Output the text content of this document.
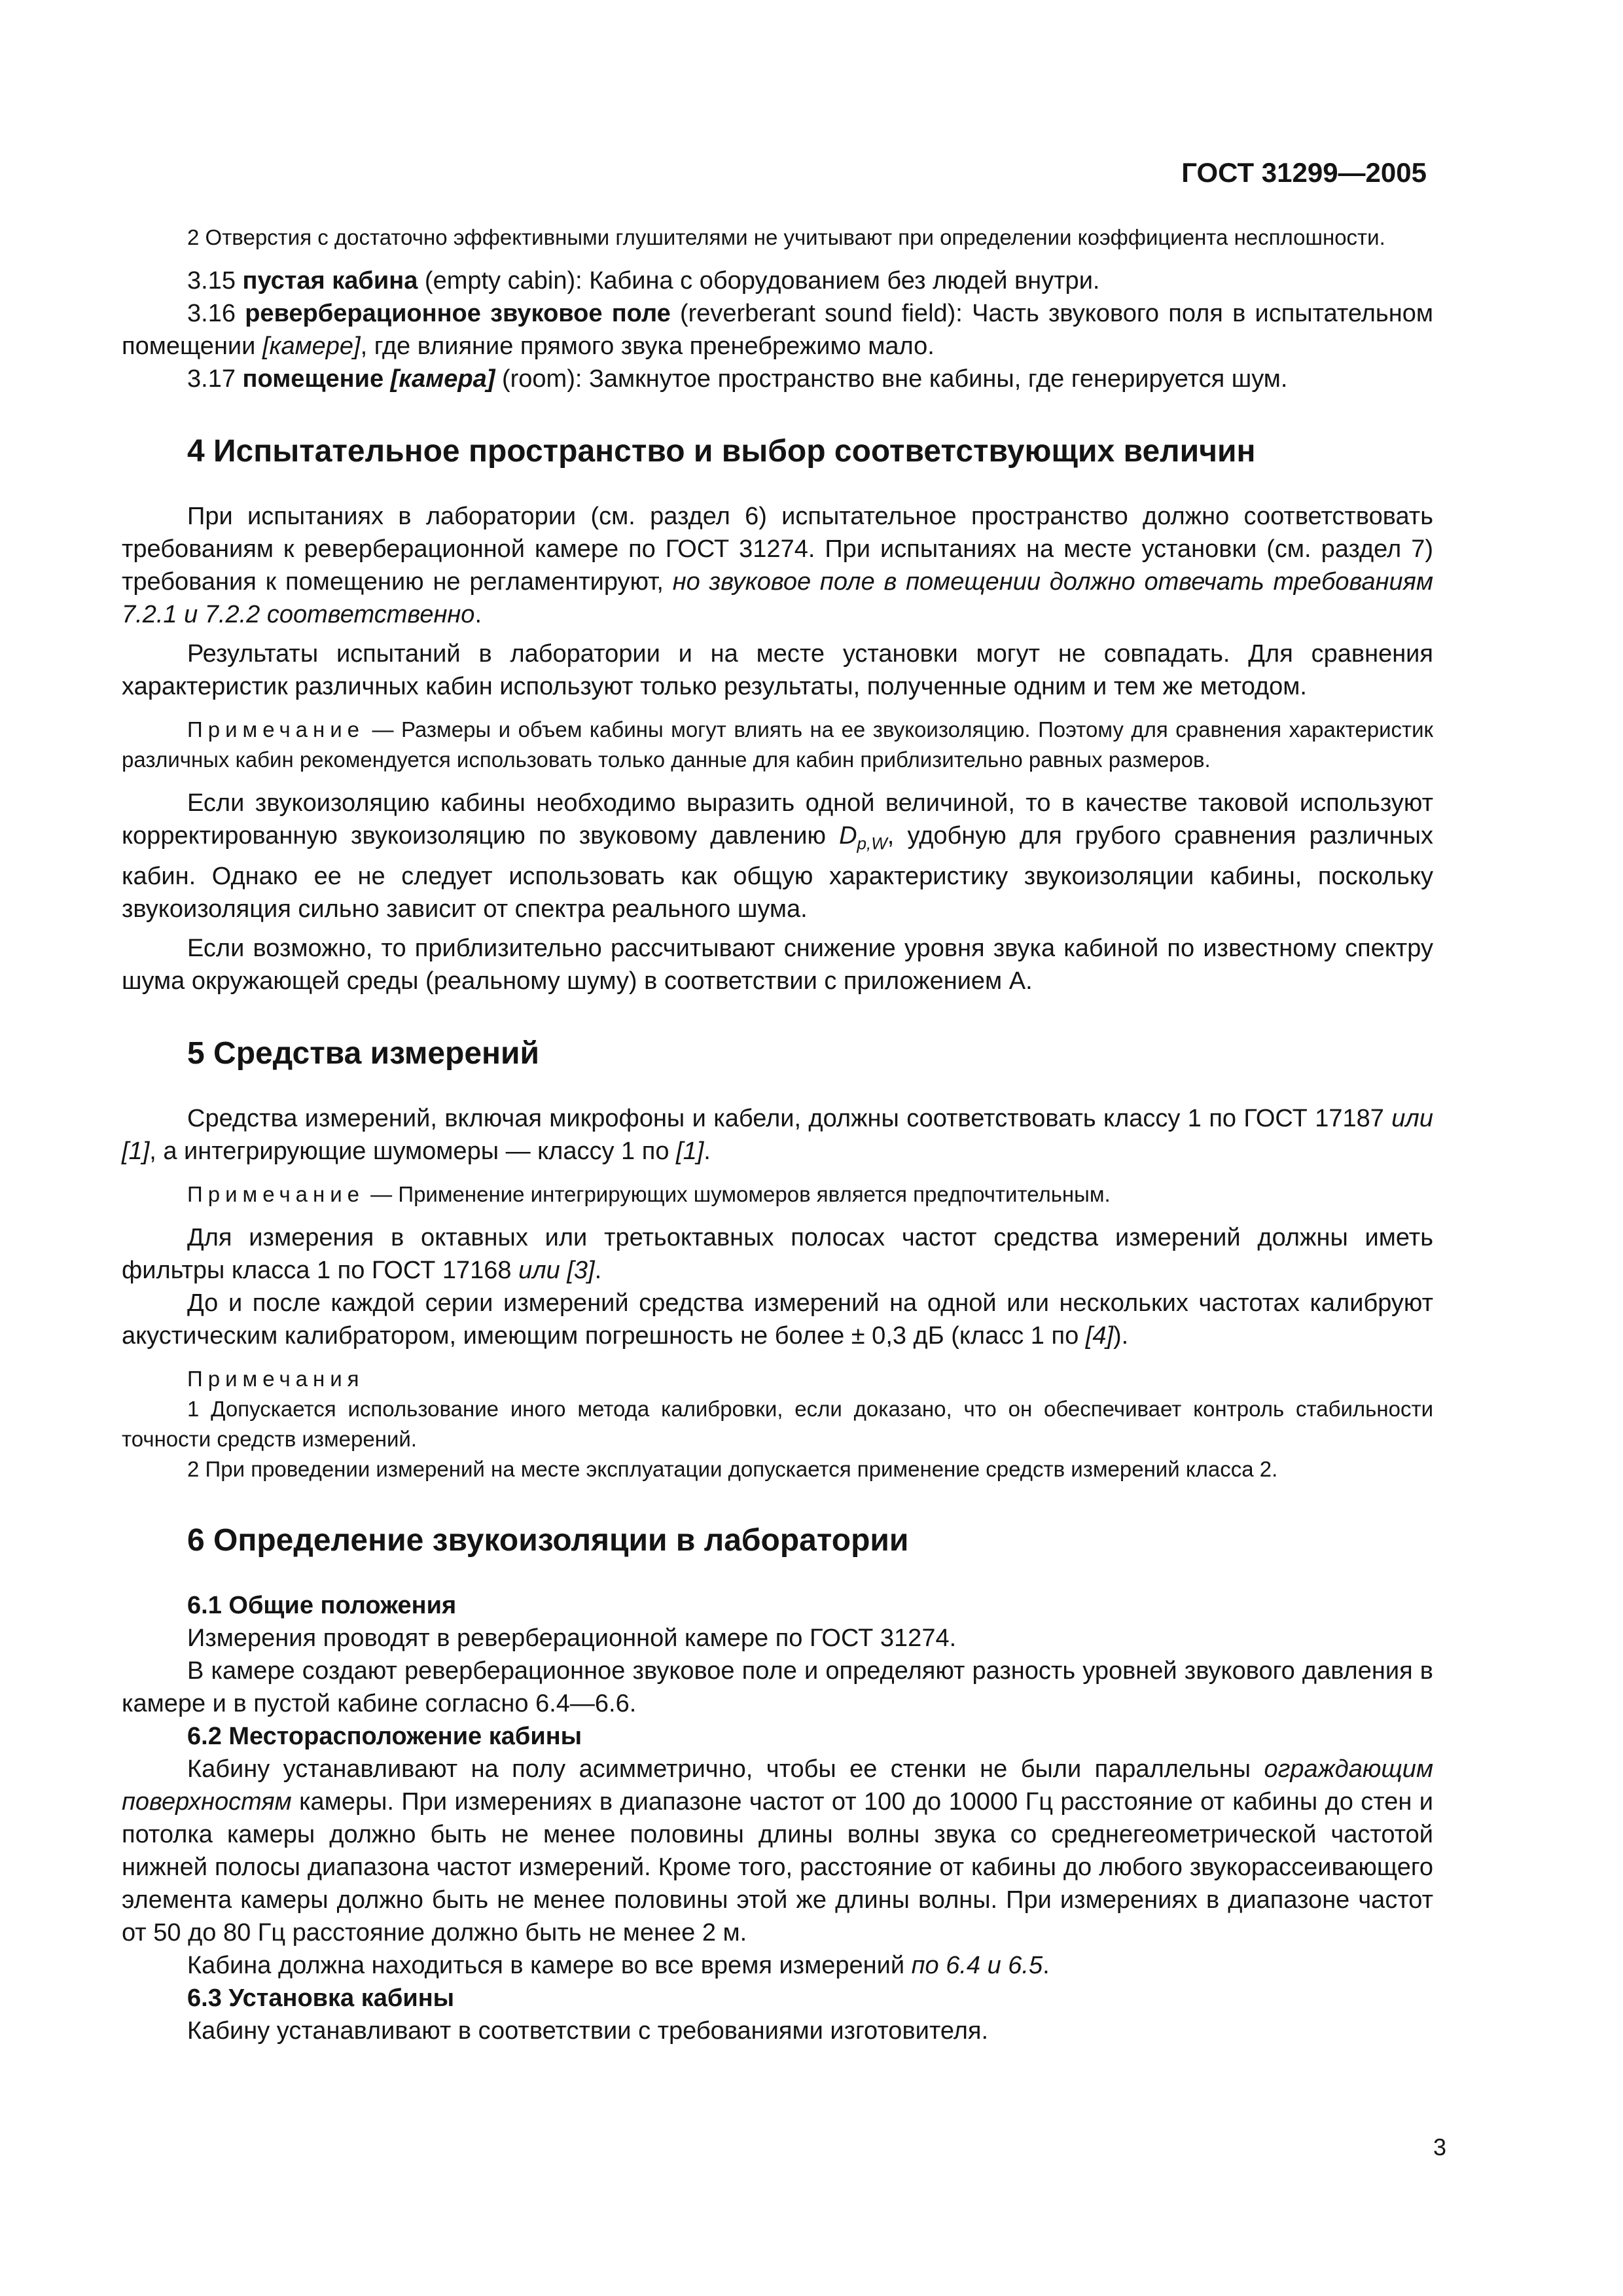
ГОСТ 31299—2005

2 Отверстия с достаточно эффективными глушителями не учитывают при определении коэффициента несплошности.

3.15 пустая кабина (empty cabin): Кабина с оборудованием без людей внутри.

3.16 реверберационное звуковое поле (reverberant sound field): Часть звукового поля в испытательном помещении [камере], где влияние прямого звука пренебрежимо мало.

3.17 помещение [камера] (room): Замкнутое пространство вне кабины, где генерируется шум.

4 Испытательное пространство и выбор соответствующих величин

При испытаниях в лаборатории (см. раздел 6) испытательное пространство должно соответствовать требованиям к реверберационной камере по ГОСТ 31274. При испытаниях на месте установки (см. раздел 7) требования к помещению не регламентируют, но звуковое поле в помещении должно отвечать требованиям 7.2.1 и 7.2.2 соответственно.

Результаты испытаний в лаборатории и на месте установки могут не совпадать. Для сравнения характеристик различных кабин используют только результаты, полученные одним и тем же методом.

Примечание — Размеры и объем кабины могут влиять на ее звукоизоляцию. Поэтому для сравнения характеристик различных кабин рекомендуется использовать только данные для кабин приблизительно равных размеров.

Если звукоизоляцию кабины необходимо выразить одной величиной, то в качестве таковой используют корректированную звукоизоляцию по звуковому давлению $D_{p,W}$, удобную для грубого сравнения различных кабин. Однако ее не следует использовать как общую характеристику звукоизоляции кабины, поскольку звукоизоляция сильно зависит от спектра реального шума.

Если возможно, то приблизительно рассчитывают снижение уровня звука кабиной по известному спектру шума окружающей среды (реальному шуму) в соответствии с приложением А.

5 Средства измерений

Средства измерений, включая микрофоны и кабели, должны соответствовать классу 1 по ГОСТ 17187 или [1], а интегрирующие шумомеры — классу 1 по [1].

Примечание — Применение интегрирующих шумомеров является предпочтительным.

Для измерения в октавных или третьоктавных полосах частот средства измерений должны иметь фильтры класса 1 по ГОСТ 17168 или [3].

До и после каждой серии измерений средства измерений на одной или нескольких частотах калибруют акустическим калибратором, имеющим погрешность не более ± 0,3 дБ (класс 1 по [4]).

Примечания

1 Допускается использование иного метода калибровки, если доказано, что он обеспечивает контроль стабильности точности средств измерений.

2 При проведении измерений на месте эксплуатации допускается применение средств измерений класса 2.

6 Определение звукоизоляции в лаборатории
6.1 Общие положения

Измерения проводят в реверберационной камере по ГОСТ 31274.

В камере создают реверберационное звуковое поле и определяют разность уровней звукового давления в камере и в пустой кабине согласно 6.4—6.6.

6.2 Месторасположение кабины

Кабину устанавливают на полу асимметрично, чтобы ее стенки не были параллельны ограждающим поверхностям камеры. При измерениях в диапазоне частот от 100 до 10000 Гц расстояние от кабины до стен и потолка камеры должно быть не менее половины длины волны звука со среднегеометрической частотой нижней полосы диапазона частот измерений. Кроме того, расстояние от кабины до любого звукорассеивающего элемента камеры должно быть не менее половины этой же длины волны. При измерениях в диапазоне частот от 50 до 80 Гц расстояние должно быть не менее 2 м.

Кабина должна находиться в камере во все время измерений по 6.4 и 6.5.

6.3 Установка кабины

Кабину устанавливают в соответствии с требованиями изготовителя.

3
